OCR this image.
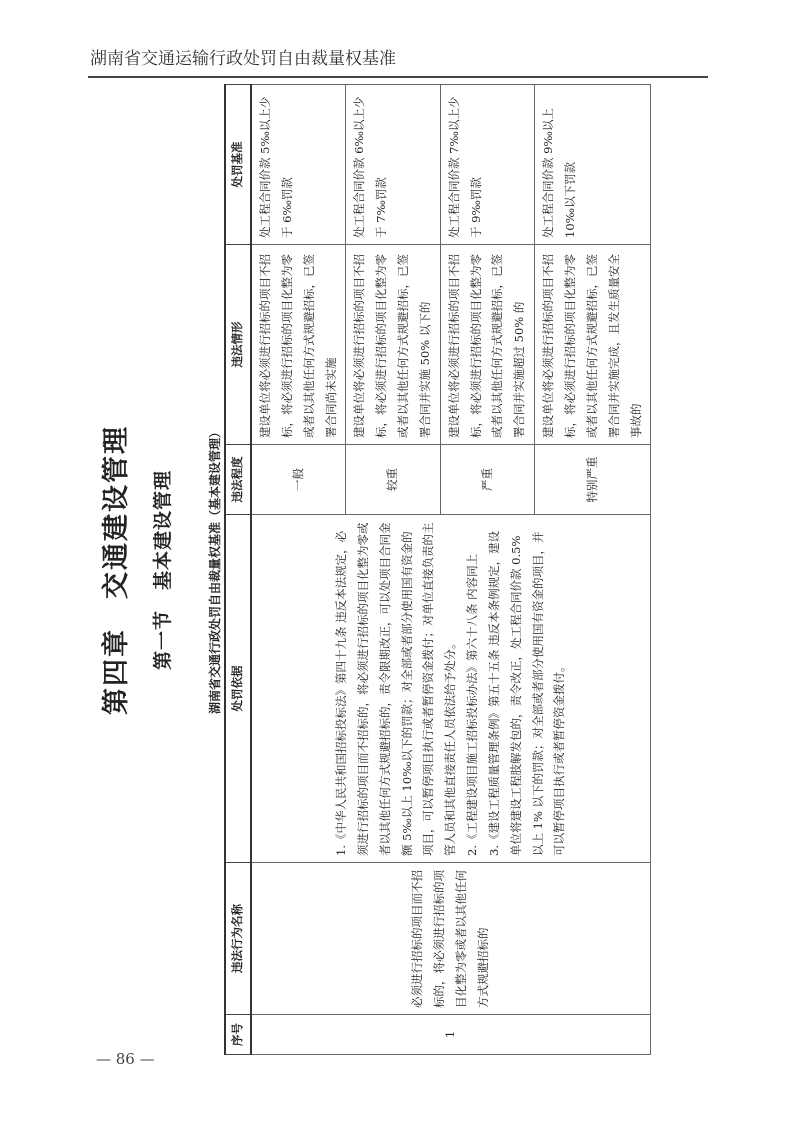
湖南省交通运输行政处罚自由裁量权基准
第四章　交通建设管理 第一节　基本建设管理	湖南省交通行政处罚自由裁量权基准（基本建设管理）
序号	违法行为名称	处罚依据	违法程度	违法情形	处罚基准
1	必须进行招标的项目而不招标的，将必须进行招标的项目化整为零或者以其他任何方式规避招标的	1.《中华人民共和国招标投标法》第四十九条 违反本法规定，必须进行招标的项目而不招标的，将必须进行招标的项目化整为零或者以其他任何方式规避招标的，责令限期改正，可以处项目合同金额 5‰以上 10‰以下的罚款；对全部或者部分使用国有资金的项目，可以暂停项目执行或者暂停资金拨付；对单位直接负责的主管人员和其他直接责任人员依法给予处分。 2.《工程建设项目施工招标投标办法》第六十八条 内容同上 3.《建设工程质量管理条例》第五十五条 违反本条例规定，建设单位将建设工程肢解发包的，责令改正，处工程合同价款 0.5% 以上 1% 以下的罚款；对全部或者部分使用国有资金的项目，并可以暂停项目执行或者暂停资金拨付。	一般	建设单位将必须进行招标的项目不招标，将必须进行招标的项目化整为零或者以其他任何方式规避招标，已签署合同尚未实施	处工程合同价款 5‰以上少于 6‰罚款
			较重	建设单位将必须进行招标的项目不招标，将必须进行招标的项目化整为零或者以其他任何方式规避招标，已签署合同并实施 50% 以下的	处工程合同价款 6‰以上少于 7‰罚款
			严重	建设单位将必须进行招标的项目不招标，将必须进行招标的项目化整为零或者以其他任何方式规避招标，已签署合同并实施超过 50% 的	处工程合同价款 7‰以上少于 9‰罚款
			特别严重	建设单位将必须进行招标的项目不招标，将必须进行招标的项目化整为零或者以其他任何方式规避招标，已签署合同并实施完成，且发生质量安全事故的	处工程合同价款 9‰以上 10‰以下罚款
— 86 —
